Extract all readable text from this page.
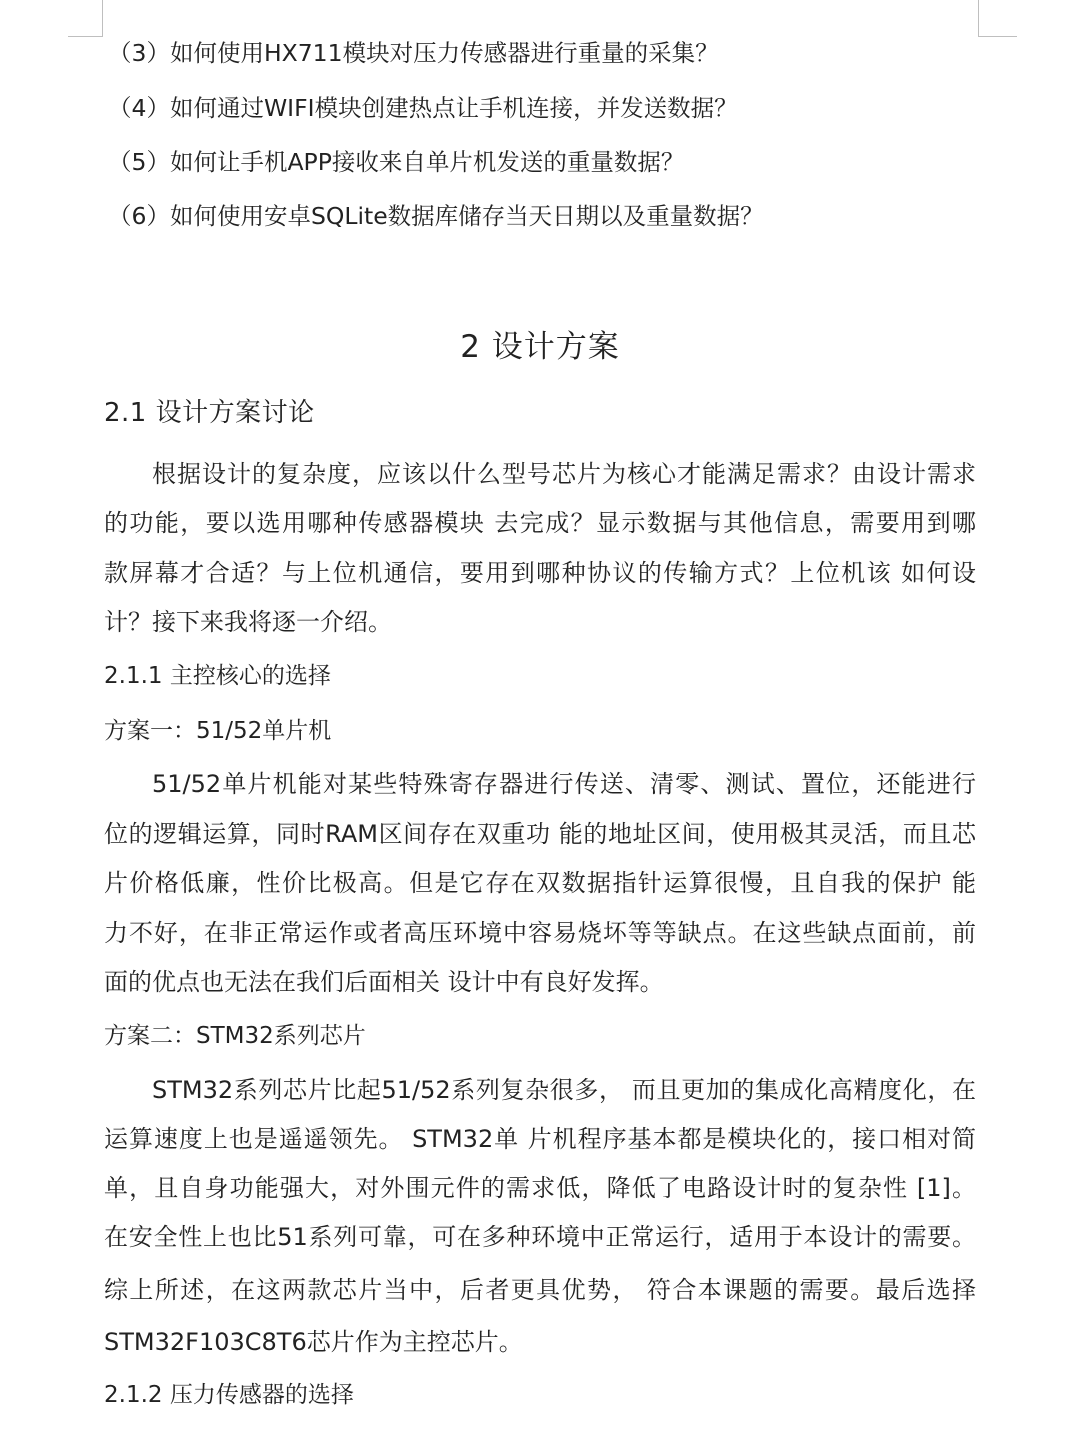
（3）如何使用HX711模块对压力传感器进行重量的采集？
（4）如何通过WIFI模块创建热点让手机连接，并发送数据？
（5）如何让手机APP接收来自单片机发送的重量数据？
（6）如何使用安卓SQLite数据库储存当天日期以及重量数据？
2 设计方案
2.1 设计方案讨论
根据设计的复杂度，应该以什么型号芯片为核心才能满足需求？由设计需求
的功能，要以选用哪种传感器模块 去完成？显示数据与其他信息，需要用到哪
款屏幕才合适？与上位机通信，要用到哪种协议的传输方式？上位机该 如何设
计？接下来我将逐一介绍。
2.1.1 主控核心的选择
方案一：51/52单片机
51/52单片机能对某些特殊寄存器进行传送、清零、测试、置位，还能进行
位的逻辑运算，同时RAM区间存在双重功 能的地址区间，使用极其灵活，而且芯
片价格低廉，性价比极高。但是它存在双数据指针运算很慢，且自我的保护 能
力不好，在非正常运作或者高压环境中容易烧坏等等缺点。在这些缺点面前，前
面的优点也无法在我们后面相关 设计中有良好发挥。
方案二：STM32系列芯片
STM32系列芯片比起51/52系列复杂很多， 而且更加的集成化高精度化，在
运算速度上也是遥遥领先。 STM32单 片机程序基本都是模块化的，接口相对简
单，且自身功能强大，对外围元件的需求低，降低了电路设计时的复杂性 [1]。
在安全性上也比51系列可靠，可在多种环境中正常运行，适用于本设计的需要。
综上所述，在这两款芯片当中，后者更具优势， 符合本课题的需要。最后选择
STM32F103C8T6芯片作为主控芯片。
2.1.2 压力传感器的选择
